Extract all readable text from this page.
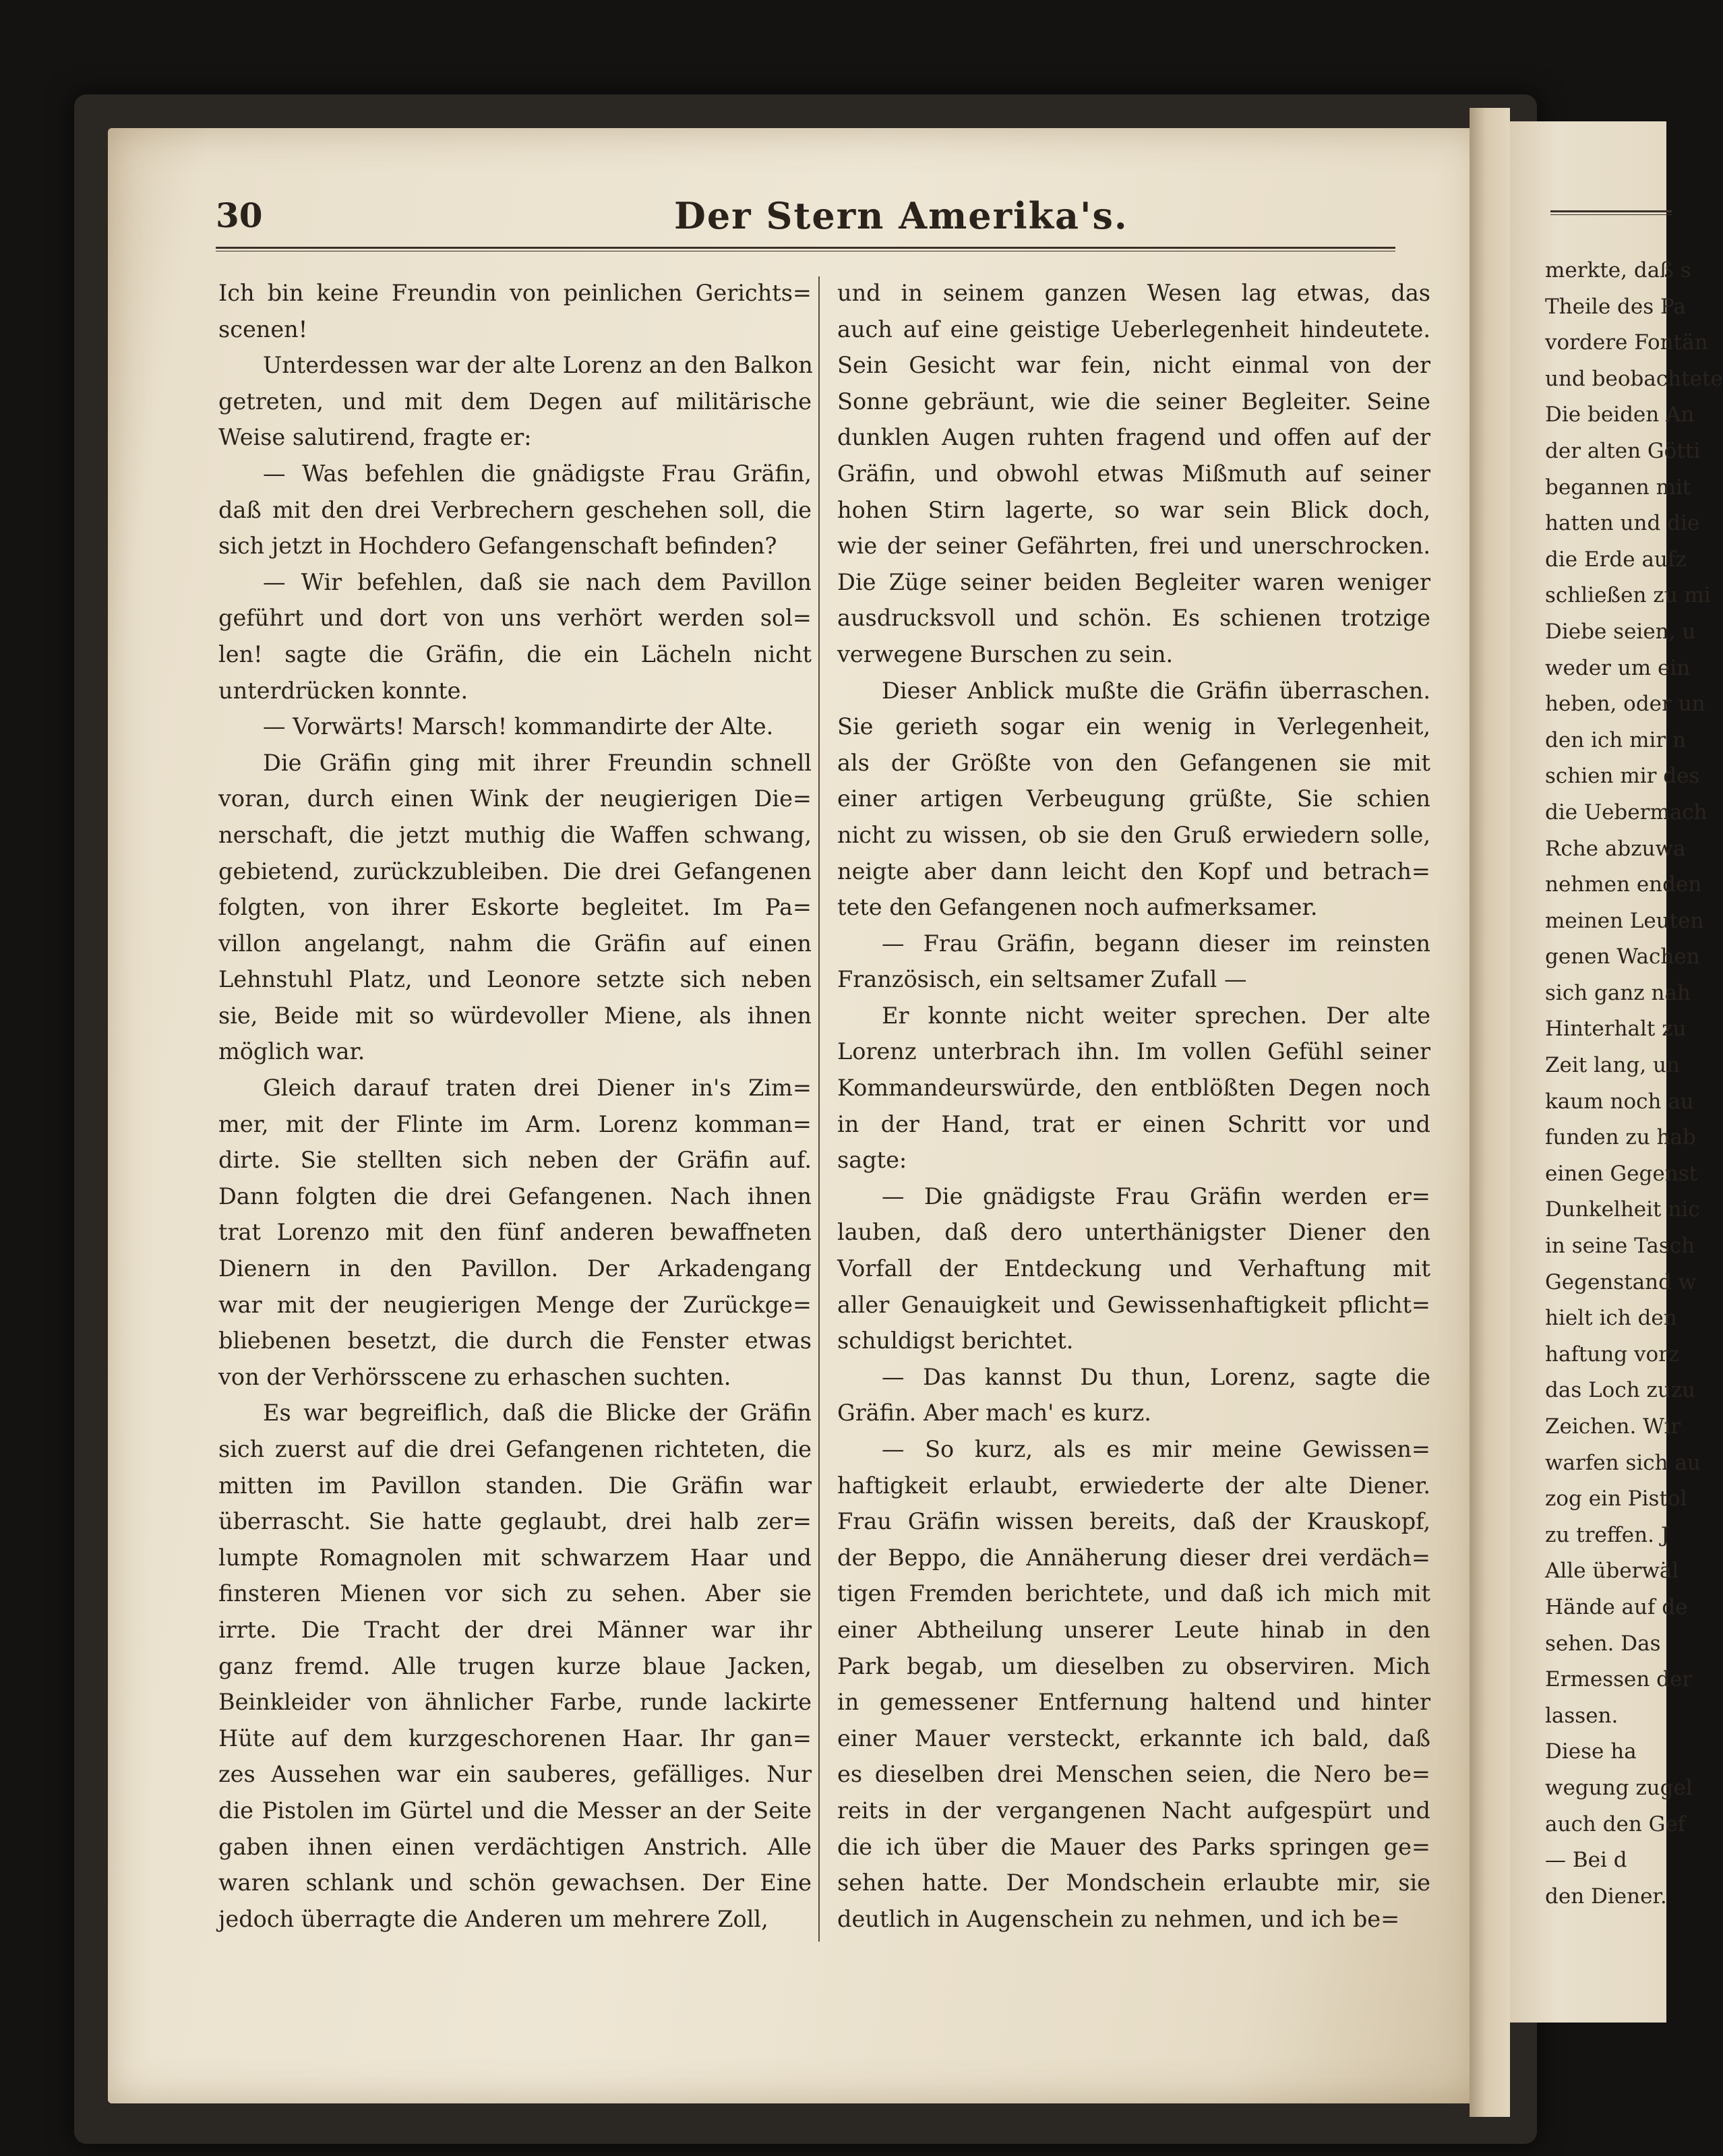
merkte, daß s
Theile des Pa
vordere Fontän
und beobachtete
Die beiden An
der alten Götti
begannen mit
hatten und die
die Erde aufz
schließen zu mi
Diebe seien, u
weder um ein
heben, oder un
den ich mir n
schien mir des
die Uebermach
Rche abzuwa
nehmen enden
meinen Leuten
genen Wachen
sich ganz nah
Hinterhalt zu
Zeit lang, un
kaum noch au
funden zu hab
einen Gegenst
Dunkelheit nic
in seine Tasch
Gegenstand w
hielt ich den
haftung vorz
das Loch zuzu
Zeichen. Wir
warfen sich au
zog ein Pistol
zu treffen. J
Alle überwäl
Hände auf de
sehen. Das
Ermessen der
lassen.
Diese ha
wegung zugel
auch den Gef
— Bei d
den Diener.
30	Der Stern Amerika's.
Ich bin keine Freundin von peinlichen Gerichts=
scenen!
Unterdessen war der alte Lorenz an den Balkon
getreten, und mit dem Degen auf militärische
Weise salutirend, fragte er:
— Was befehlen die gnädigste Frau Gräfin,
daß mit den drei Verbrechern geschehen soll, die
sich jetzt in Hochdero Gefangenschaft befinden?
— Wir befehlen, daß sie nach dem Pavillon
geführt und dort von uns verhört werden sol=
len! sagte die Gräfin, die ein Lächeln nicht
unterdrücken konnte.
— Vorwärts! Marsch! kommandirte der Alte.
Die Gräfin ging mit ihrer Freundin schnell
voran, durch einen Wink der neugierigen Die=
nerschaft, die jetzt muthig die Waffen schwang,
gebietend, zurückzubleiben. Die drei Gefangenen
folgten, von ihrer Eskorte begleitet. Im Pa=
villon angelangt, nahm die Gräfin auf einen
Lehnstuhl Platz, und Leonore setzte sich neben
sie, Beide mit so würdevoller Miene, als ihnen
möglich war.
Gleich darauf traten drei Diener in's Zim=
mer, mit der Flinte im Arm. Lorenz komman=
dirte. Sie stellten sich neben der Gräfin auf.
Dann folgten die drei Gefangenen. Nach ihnen
trat Lorenzo mit den fünf anderen bewaffneten
Dienern in den Pavillon. Der Arkadengang
war mit der neugierigen Menge der Zurückge=
bliebenen besetzt, die durch die Fenster etwas
von der Verhörsscene zu erhaschen suchten.
Es war begreiflich, daß die Blicke der Gräfin
sich zuerst auf die drei Gefangenen richteten, die
mitten im Pavillon standen. Die Gräfin war
überrascht. Sie hatte geglaubt, drei halb zer=
lumpte Romagnolen mit schwarzem Haar und
finsteren Mienen vor sich zu sehen. Aber sie
irrte. Die Tracht der drei Männer war ihr
ganz fremd. Alle trugen kurze blaue Jacken,
Beinkleider von ähnlicher Farbe, runde lackirte
Hüte auf dem kurzgeschorenen Haar. Ihr gan=
zes Aussehen war ein sauberes, gefälliges. Nur
die Pistolen im Gürtel und die Messer an der Seite
gaben ihnen einen verdächtigen Anstrich. Alle
waren schlank und schön gewachsen. Der Eine
jedoch überragte die Anderen um mehrere Zoll,
und in seinem ganzen Wesen lag etwas, das
auch auf eine geistige Ueberlegenheit hindeutete.
Sein Gesicht war fein, nicht einmal von der
Sonne gebräunt, wie die seiner Begleiter. Seine
dunklen Augen ruhten fragend und offen auf der
Gräfin, und obwohl etwas Mißmuth auf seiner
hohen Stirn lagerte, so war sein Blick doch,
wie der seiner Gefährten, frei und unerschrocken.
Die Züge seiner beiden Begleiter waren weniger
ausdrucksvoll und schön. Es schienen trotzige
verwegene Burschen zu sein.
Dieser Anblick mußte die Gräfin überraschen.
Sie gerieth sogar ein wenig in Verlegenheit,
als der Größte von den Gefangenen sie mit
einer artigen Verbeugung grüßte, Sie schien
nicht zu wissen, ob sie den Gruß erwiedern solle,
neigte aber dann leicht den Kopf und betrach=
tete den Gefangenen noch aufmerksamer.
— Frau Gräfin, begann dieser im reinsten
Französisch, ein seltsamer Zufall —
Er konnte nicht weiter sprechen. Der alte
Lorenz unterbrach ihn. Im vollen Gefühl seiner
Kommandeurswürde, den entblößten Degen noch
in der Hand, trat er einen Schritt vor und
sagte:
— Die gnädigste Frau Gräfin werden er=
lauben, daß dero unterthänigster Diener den
Vorfall der Entdeckung und Verhaftung mit
aller Genauigkeit und Gewissenhaftigkeit pflicht=
schuldigst berichtet.
— Das kannst Du thun, Lorenz, sagte die
Gräfin. Aber mach' es kurz.
— So kurz, als es mir meine Gewissen=
haftigkeit erlaubt, erwiederte der alte Diener.
Frau Gräfin wissen bereits, daß der Krauskopf,
der Beppo, die Annäherung dieser drei verdäch=
tigen Fremden berichtete, und daß ich mich mit
einer Abtheilung unserer Leute hinab in den
Park begab, um dieselben zu observiren. Mich
in gemessener Entfernung haltend und hinter
einer Mauer versteckt, erkannte ich bald, daß
es dieselben drei Menschen seien, die Nero be=
reits in der vergangenen Nacht aufgespürt und
die ich über die Mauer des Parks springen ge=
sehen hatte. Der Mondschein erlaubte mir, sie
deutlich in Augenschein zu nehmen, und ich be=
